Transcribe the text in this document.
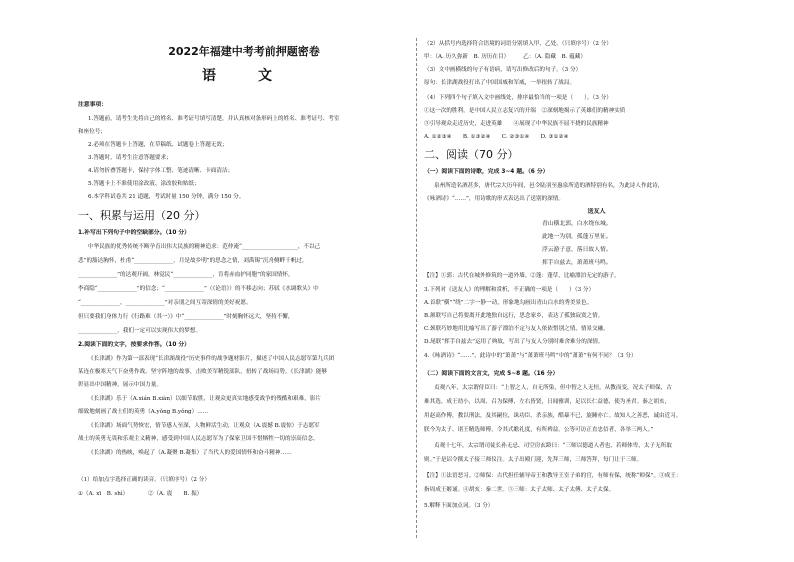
2022年福建中考考前押题密卷
语　文
注意事项：
1.答题前，请考生先将自己的姓名、准考证号填写清楚，并认真核对条形码上的姓名、准考证号、考室
和座位号；
2.必须在答题卡上答题，在草稿纸、试题卷上答题无效；
3.答题时，请考生注意答题要求；
4.请勿折叠答题卡，保持字体工整、笔迹清晰、卡面清洁；
5.答题卡上不准使用涂改液、涂改胶和贴纸；
6.本学科试卷共 21 道题，考试时量 150 分钟，满分 150 分。
一、积累与运用（20 分）
1.补写出下列句子中的空缺部分。（10 分）
中华民族的优秀传统不断孕育出伟大民族的精神追求：范仲淹“____________________，不以己
悲”的豁达胸怀，杜甫“______________，月是故乡明”的思念之情，刘禹锡“沉舟侧畔千帆过，
______________”的达观开阔，林觉民“______________，肯将赤血护同胞”的家国情怀，
李商隐“______________”的信念；“______________”（《论语》）的不移志向；苏轼《水调歌头》中
“______________，______________”对亲朋之间互寄深情的美好祝愿。
但只要我们身体力行《行路难（其一）》中“______________”时刻胸怀远大，坚持不懈，
______________，我们一定可以实现伟大的梦想。
2.阅读下面的文字，按要求作答。（10 分）
《长津湖》作为第一部表现“长津湖战役”历史事件的战争题材影片，描述了中国人民志愿军第九兵团
某连在极寒天气下奋勇作战、坚守阵地的故事，击败美军精锐部队，扭转了战场局势。《长津湖》能够
彰显出中国精神，展示中国力量。
《长津湖》乐于（A.xián B.xiàn）以细节取胜，让观众更真实地感受战争的残酷和艰难，影片
细致地刻画了战士们的英勇（A.yǒng B.yǒng）……
《长津湖》场面气势恢宏，情节感人至深，人物鲜活生动，让观众（A.震撼 B.震惊）于志愿军
战士的英勇无畏和乐观主义精神，感受到中国人民志愿军为了保家卫国不惜牺牲一切的崇高信念。
《长津湖》的热映，唤起了（A.凝聚 B.凝集）了当代人的爱国情怀和奋斗精神……
（1）给加点字选择正确的读音。（只填序号）（2 分）
①（A. xī　B. shì）　　　　②（A. 震　　B. 振）
（2）从括号内选择符合语境的词语分别填入甲、乙处。（只填序号）（2 分）
甲：（A. 历久弥新　B. 历历在目）　　　乙：（A. 隐藏　B. 蕴藏）
（3）文中画横线的句子有语病，请写出修改后的句子。（3 分）
原句：长津湖战役打出了中国国威和军威，一举扭转了战局。
（4）下列四个句子填入文中画线处，排序最恰当的一项是（　　）。（3 分）
①这一次的胜利，是中国人民立志复兴的开端　②深刻地揭示了英雄们的精神实质
③引导观众走近历史，走进英雄　　④展现了中华民族不屈不挠的民族精神
A. ①②③④　　B. ①③②④　　C. ②③①④　　D. ③①②④
二、阅读（70 分）
（一）阅读下面的诗歌，完成 3~4 题。（6 分）
泉州所造名酒甚多，唐代宗大历年间，邑令陆羽至惠泉所造的酒特别有名，为此诗人作此诗，
《咏酒诗》“……”，用诗歌的形式表达出了送别的深情。
送友人
青山横北郭，白水绕东城。
此地一为别，孤蓬万里征。
浮云游子意，落日故人情。
挥手自兹去，萧萧班马鸣。
【注】①郭：古代在城外修筑的一道外墙。②蓬：蓬草，比喻漂泊无定的游子。
3.下列对《送友人》的理解和赏析，不正确的一项是（　　）（3 分）
A.首联“横”“绕”二字一静一动，形象地勾画出青山白水的秀美景色。
B.颔联写自己将要离开此地独自远行，思念家乡，表达了孤独寂寞之情。
C.颈联巧妙地用比喻写出了游子漂泊不定与友人依依惜别之情，情景交融。
D.尾联“挥手自兹去”运用了典故，写出了与友人分别时难舍难分的深情。
4.《咏酒诗》“……”，此诗中的“萧萧”与“萧萧班马鸣”中的“萧萧”有何不同？（3 分）
（二）阅读下面的文言文，完成 5~8 题。（16 分）
贞观八年，太宗谓侍臣曰：“上智之人，自无所染，但中智之人无恒，从教而变，况太子师保，古
难其选。成王幼小，以周、召为保傅，左右皆贤，日闻雅训，足以长仁益德，使为圣君。秦之胡亥，
用赵高作傅，教以刑法，及其嗣位，诛功臣，杀亲族，酷暴不已，旋踵亦亡。故知人之善恶，诚由近习。
朕今为太子、诸王精选师傅，令其式瞻礼度，有所裨益。公等可访正直忠信者，各举三两人。”
贞观十七年，太宗谓司徒长孙无忌、司空房玄龄曰：“三师以德道人者也，若师体卑，太子无所取
则。”于是诏令撰太子接三师仪注。太子出殿门迎，先拜三师，三师答拜，每门让于三师。
【注】①法语恶习。②师保：古代担任辅导帝王和教导王室子弟的官，有师有保，统称“师保”。③成王：
指周成王姬诵。④胡亥：秦二世。⑤三师：太子太师、太子太傅、太子太保。
5.解释下面加点词。（3 分）
